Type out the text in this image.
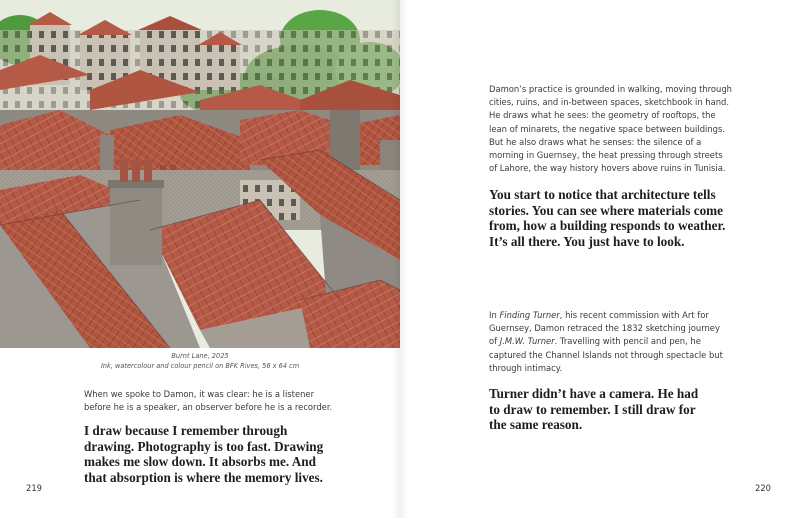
Burnt Lane, 2025
Ink, watercolour and colour pencil on BFK Rives, 56 x 64 cm
When we spoke to Damon, it was clear: he is a listener
before he is a speaker, an observer before he is a recorder.
I draw because I remember through
drawing. Photography is too fast. Drawing
makes me slow down. It absorbs me. And
that absorption is where the memory lives.
219
Damon’s practice is grounded in walking, moving through
cities, ruins, and in-between spaces, sketchbook in hand.
He draws what he sees: the geometry of rooftops, the
lean of minarets, the negative space between buildings.
But he also draws what he senses: the silence of a
morning in Guernsey, the heat pressing through streets
of Lahore, the way history hovers above ruins in Tunisia.
You start to notice that architecture tells
stories. You can see where materials come
from, how a building responds to weather.
It’s all there. You just have to look.
In Finding Turner, his recent commission with Art for
Guernsey, Damon retraced the 1832 sketching journey
of J.M.W. Turner. Travelling with pencil and pen, he
captured the Channel Islands not through spectacle but
through intimacy.
Turner didn’t have a camera. He had
to draw to remember. I still draw for
the same reason.
220
